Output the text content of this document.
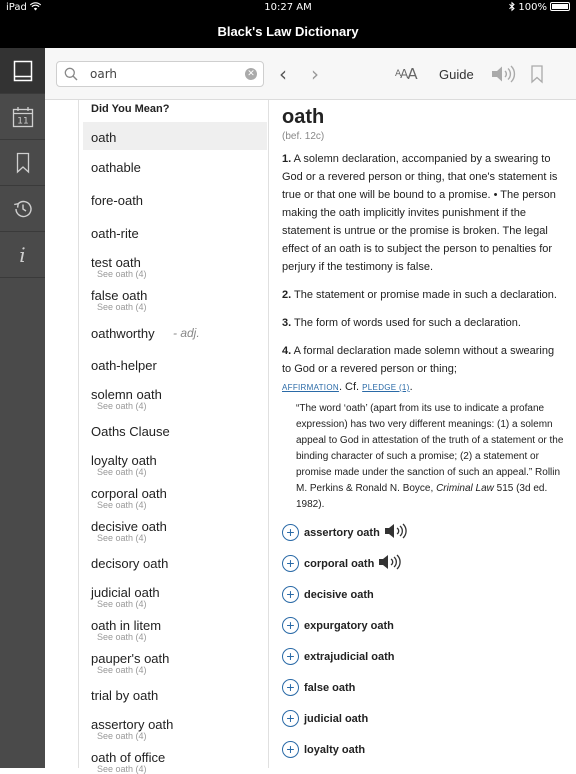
iPad	10:27 AM	100%
Black's Law Dictionary
11
i
oarh
✕ ‹ ›	A A A Guide
Did You Mean?
oath
oathable
fore-oath
oath-rite
test oath
See oath (4)
false oath
See oath (4)
oathworthy	- adj.
oath-helper
solemn oath
See oath (4)
Oaths Clause
loyalty oath
See oath (4)
corporal oath
See oath (4)
decisive oath
See oath (4)
decisory oath
judicial oath
See oath (4)
oath in litem
See oath (4)
pauper's oath
See oath (4)
trial by oath
assertory oath
See oath (4)
oath of office
See oath (4)
oath
(bef. 12c)
1. A solemn declaration, accompanied by a swearing to God or a revered person or thing, that one's statement is true or that one will be bound to a promise. • The person making the oath implicitly invites punishment if the statement is untrue or the promise is broken. The legal effect of an oath is to subject the person to penalties for perjury if the testimony is false.
2. The statement or promise made in such a declaration.
3. The form of words used for such a declaration.
4. A formal declaration made solemn without a swearing to God or a revered person or thing;
AFFIRMATION. Cf. PLEDGE (1).
“The word ‘oath’ (apart from its use to indicate a profane expression) has two very different meanings: (1) a solemn appeal to God in attestation of the truth of a statement or the binding character of such a promise; (2) a statement or promise made under the sanction of such an appeal.” Rollin M. Perkins & Ronald N. Boyce, Criminal Law 515 (3d ed. 1982).
+ assertory oath
+ corporal oath
+ decisive oath
+ expurgatory oath
+ extrajudicial oath
+ false oath
+ judicial oath
+ loyalty oath
